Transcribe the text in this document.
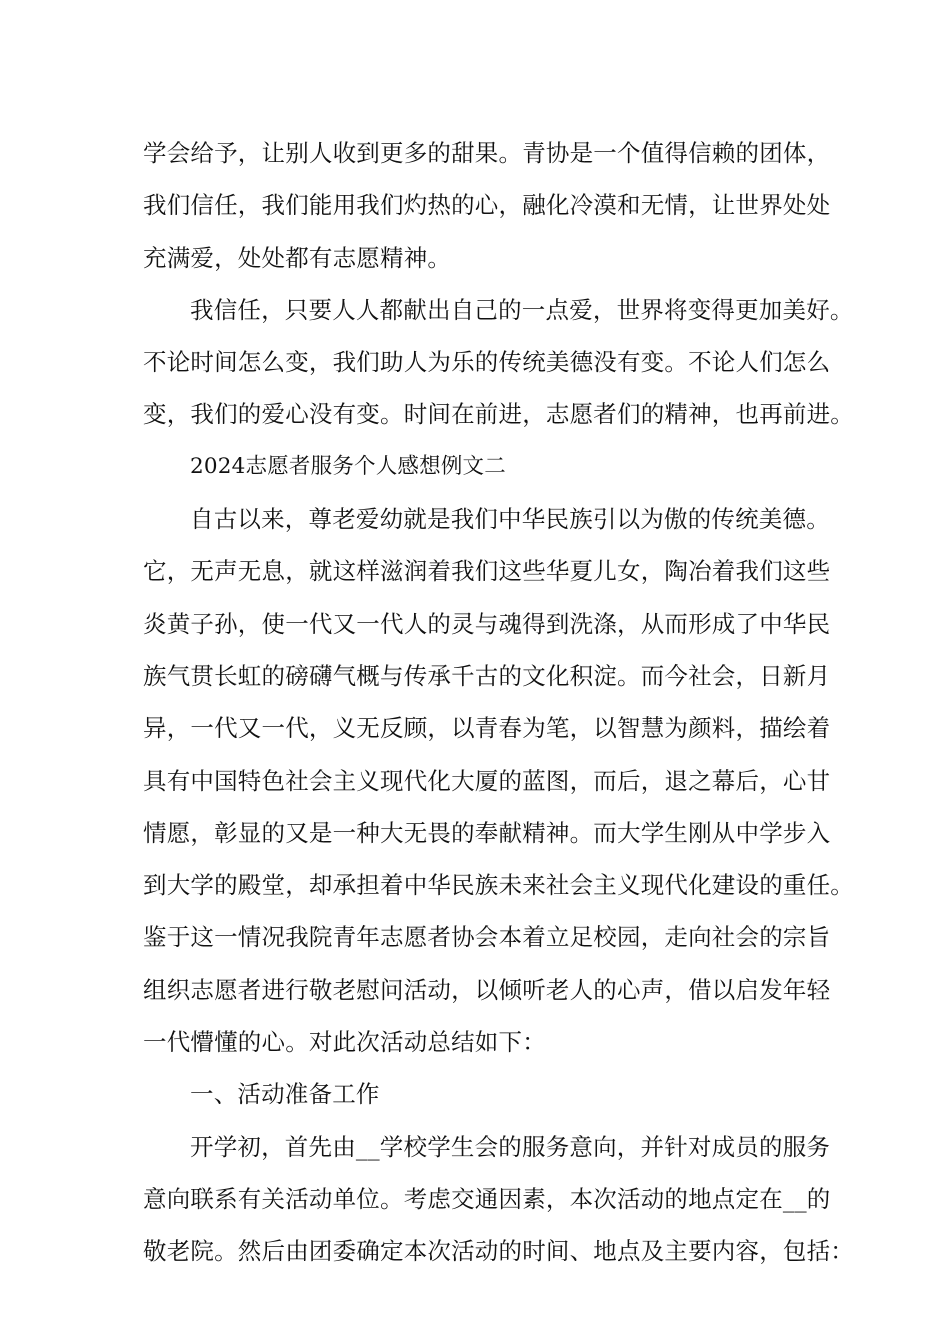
学会给予，让别人收到更多的甜果。青协是一个值得信赖的团体，
我们信任，我们能用我们灼热的心，融化冷漠和无情，让世界处处
充满爱，处处都有志愿精神。
我信任，只要人人都献出自己的一点爱，世界将变得更加美好。
不论时间怎么变，我们助人为乐的传统美德没有变。不论人们怎么
变，我们的爱心没有变。时间在前进，志愿者们的精神，也再前进。
2024志愿者服务个人感想例文二
自古以来，尊老爱幼就是我们中华民族引以为傲的传统美德。
它，无声无息，就这样滋润着我们这些华夏儿女，陶冶着我们这些
炎黄子孙，使一代又一代人的灵与魂得到洗涤，从而形成了中华民
族气贯长虹的磅礴气概与传承千古的文化积淀。而今社会，日新月
异，一代又一代，义无反顾，以青春为笔，以智慧为颜料，描绘着
具有中国特色社会主义现代化大厦的蓝图，而后，退之幕后，心甘
情愿，彰显的又是一种大无畏的奉献精神。而大学生刚从中学步入
到大学的殿堂，却承担着中华民族未来社会主义现代化建设的重任。
鉴于这一情况我院青年志愿者协会本着立足校园，走向社会的宗旨
组织志愿者进行敬老慰问活动，以倾听老人的心声，借以启发年轻
一代懵懂的心。对此次活动总结如下：
一、活动准备工作
开学初，首先由__学校学生会的服务意向，并针对成员的服务
意向联系有关活动单位。考虑交通因素，本次活动的地点定在__的
敬老院。然后由团委确定本次活动的时间、地点及主要内容，包括：
